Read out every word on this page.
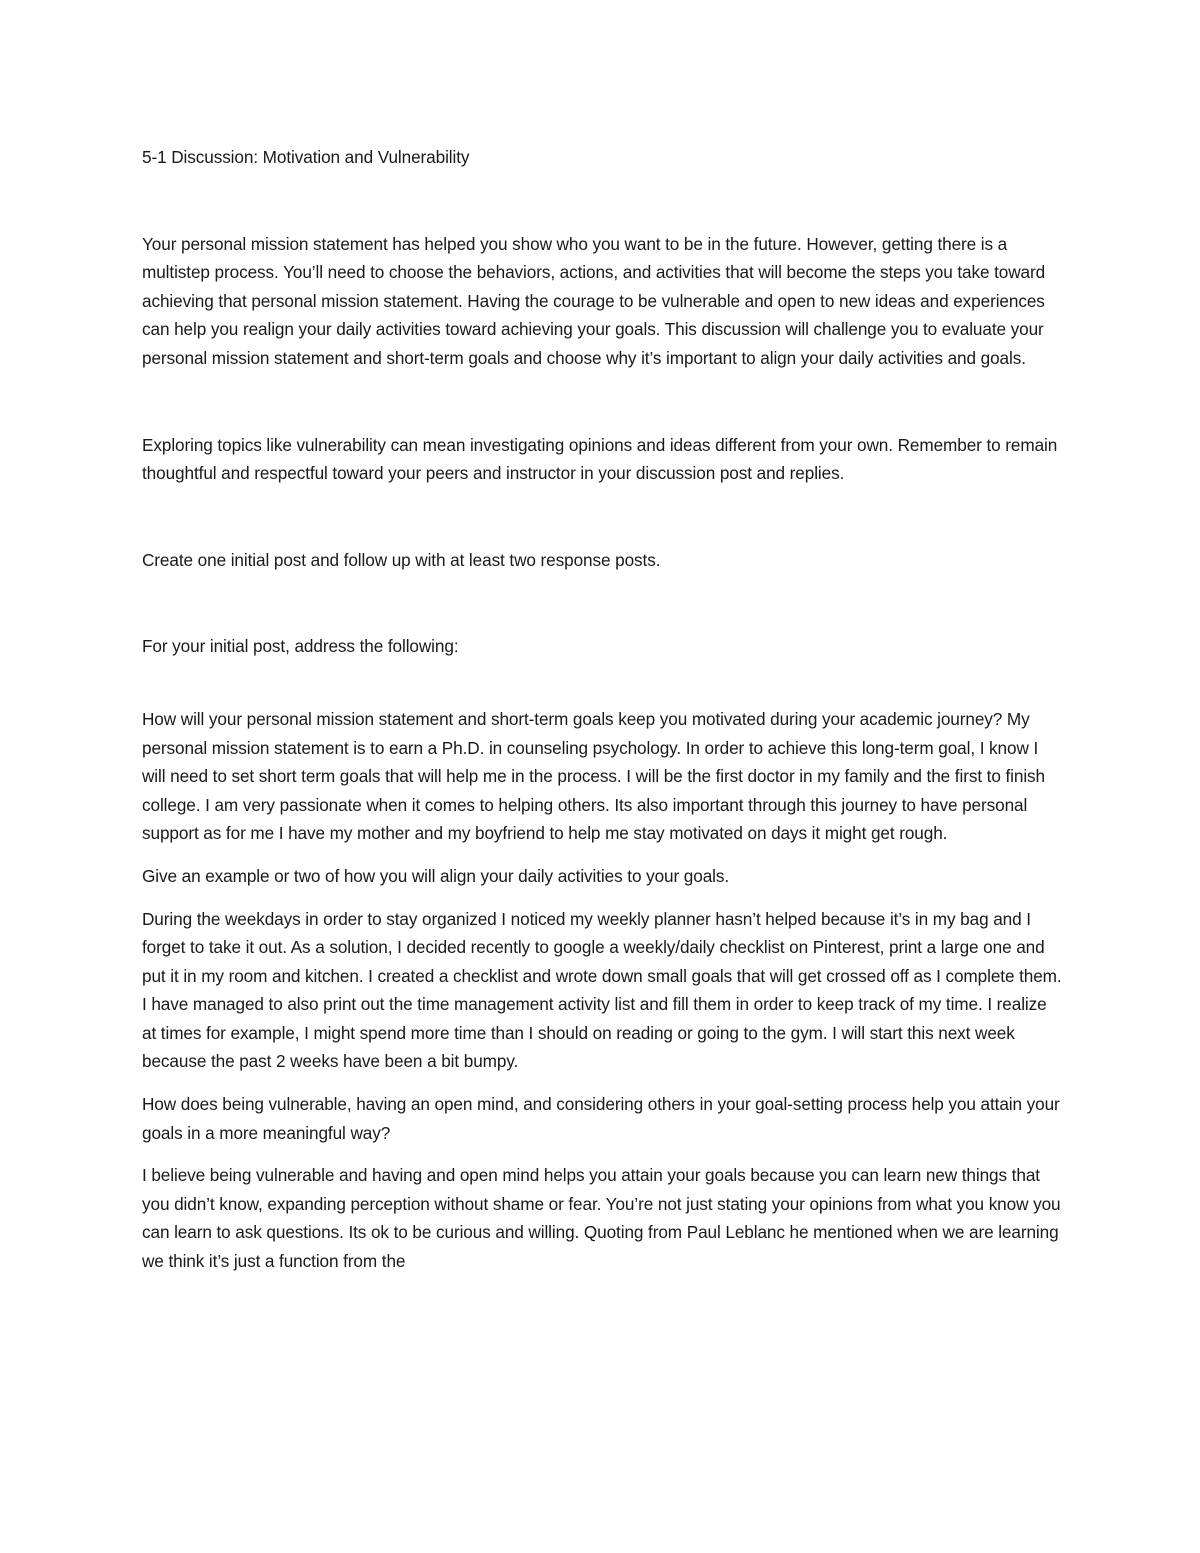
5-1 Discussion: Motivation and Vulnerability

Your personal mission statement has helped you show who you want to be in the future. However, getting there is a multistep process. You’ll need to choose the behaviors, actions, and activities that will become the steps you take toward achieving that personal mission statement. Having the courage to be vulnerable and open to new ideas and experiences can help you realign your daily activities toward achieving your goals. This discussion will challenge you to evaluate your personal mission statement and short-term goals and choose why it’s important to align your daily activities and goals.

Exploring topics like vulnerability can mean investigating opinions and ideas different from your own. Remember to remain thoughtful and respectful toward your peers and instructor in your discussion post and replies.

Create one initial post and follow up with at least two response posts.

For your initial post, address the following:

How will your personal mission statement and short-term goals keep you motivated during your academic journey? My personal mission statement is to earn a Ph.D. in counseling psychology. In order to achieve this long-term goal, I know I will need to set short term goals that will help me in the process. I will be the first doctor in my family and the first to finish college. I am very passionate when it comes to helping others. Its also important through this journey to have personal support as for me I have my mother and my boyfriend to help me stay motivated on days it might get rough.

Give an example or two of how you will align your daily activities to your goals.

During the weekdays in order to stay organized I noticed my weekly planner hasn’t helped because it’s in my bag and I forget to take it out. As a solution, I decided recently to google a weekly/daily checklist on Pinterest, print a large one and put it in my room and kitchen. I created a checklist and wrote down small goals that will get crossed off as I complete them. I have managed to also print out the time management activity list and fill them in order to keep track of my time. I realize at times for example, I might spend more time than I should on reading or going to the gym. I will start this next week because the past 2 weeks have been a bit bumpy.

How does being vulnerable, having an open mind, and considering others in your goal-setting process help you attain your goals in a more meaningful way?

I believe being vulnerable and having and open mind helps you attain your goals because you can learn new things that you didn’t know, expanding perception without shame or fear. You’re not just stating your opinions from what you know you can learn to ask questions. Its ok to be curious and willing. Quoting from Paul Leblanc he mentioned when we are learning we think it’s just a function from the
